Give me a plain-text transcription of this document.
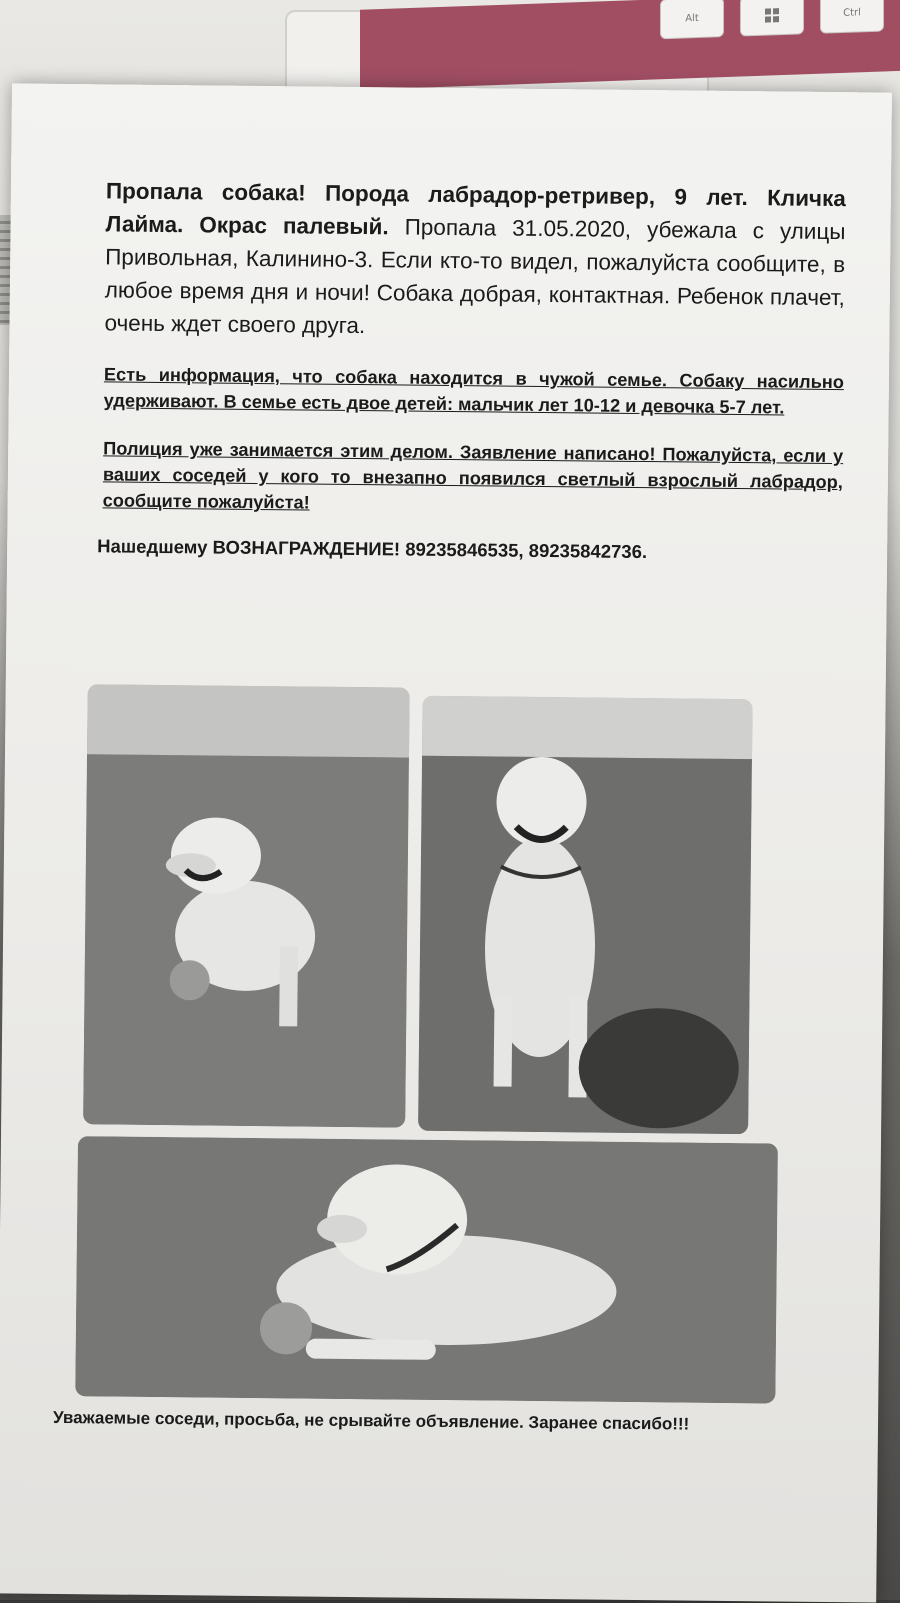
Alt	Ctrl

Пропала собака! Порода лабрадор-ретривер, 9 лет. Кличка Лайма. Окрас палевый. Пропала 31.05.2020, убежала с улицы Привольная, Калинино-3. Если кто-то видел, пожалуйста сообщите, в любое время дня и ночи! Собака добрая, контактная. Ребенок плачет, очень ждет своего друга.

Есть информация, что собака находится в чужой семье. Собаку насильно удерживают. В семье есть двое детей: мальчик лет 10-12 и девочка 5-7 лет.

Полиция уже занимается этим делом. Заявление написано! Пожалуйста, если у ваших соседей у кого то внезапно появился светлый взрослый лабрадор, сообщите пожалуйста!

Нашедшему ВОЗНАГРАЖДЕНИЕ! 89235846535, 89235842736.

Уважаемые соседи, просьба, не срывайте объявление. Заранее спасибо!!!
